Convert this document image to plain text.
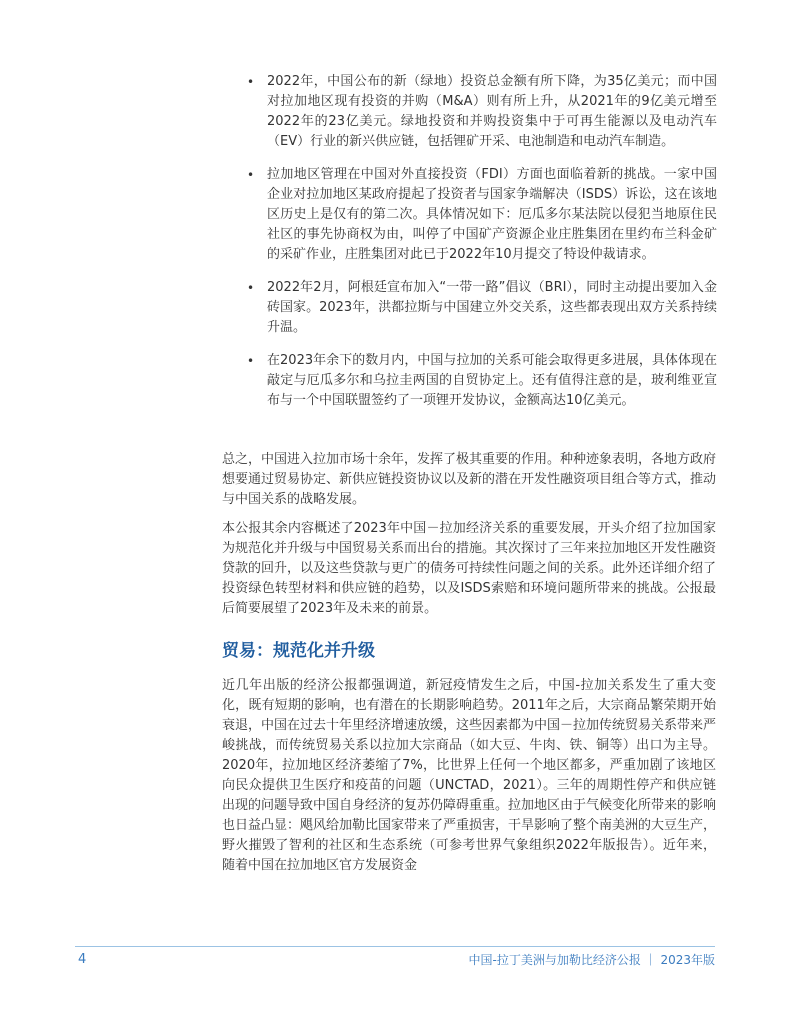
• 2022年，中国公布的新（绿地）投资总金额有所下降，为35亿美元；而中国对拉加地区现有投资的并购（M&A）则有所上升，从2021年的9亿美元增至2022年的23亿美元。绿地投资和并购投资集中于可再生能源以及电动汽车（EV）行业的新兴供应链，包括锂矿开采、电池制造和电动汽车制造。
• 拉加地区管理在中国对外直接投资（FDI）方面也面临着新的挑战。一家中国企业对拉加地区某政府提起了投资者与国家争端解决（ISDS）诉讼，这在该地区历史上是仅有的第二次。具体情况如下：厄瓜多尔某法院以侵犯当地原住民社区的事先协商权为由，叫停了中国矿产资源企业庄胜集团在里约布兰科金矿的采矿作业，庄胜集团对此已于2022年10月提交了特设仲裁请求。
• 2022年2月，阿根廷宣布加入“一带一路”倡议（BRI），同时主动提出要加入金砖国家。2023年，洪都拉斯与中国建立外交关系，这些都表现出双方关系持续升温。
• 在2023年余下的数月内，中国与拉加的关系可能会取得更多进展，具体体现在敲定与厄瓜多尔和乌拉圭两国的自贸协定上。还有值得注意的是，玻利维亚宣布与一个中国联盟签约了一项锂开发协议，金额高达10亿美元。

总之，中国进入拉加市场十余年，发挥了极其重要的作用。种种迹象表明，各地方政府想要通过贸易协定、新供应链投资协议以及新的潜在开发性融资项目组合等方式，推动与中国关系的战略发展。

本公报其余内容概述了2023年中国－拉加经济关系的重要发展，开头介绍了拉加国家为规范化并升级与中国贸易关系而出台的措施。其次探讨了三年来拉加地区开发性融资贷款的回升，以及这些贷款与更广的债务可持续性问题之间的关系。此外还详细介绍了投资绿色转型材料和供应链的趋势，以及ISDS索赔和环境问题所带来的挑战。公报最后简要展望了2023年及未来的前景。

贸易：规范化并升级

近几年出版的经济公报都强调道，新冠疫情发生之后，中国-拉加关系发生了重大变化，既有短期的影响，也有潜在的长期影响趋势。2011年之后，大宗商品繁荣期开始衰退，中国在过去十年里经济增速放缓，这些因素都为中国－拉加传统贸易关系带来严峻挑战，而传统贸易关系以拉加大宗商品（如大豆、牛肉、铁、铜等）出口为主导。2020年，拉加地区经济萎缩了7%，比世界上任何一个地区都多，严重加剧了该地区向民众提供卫生医疗和疫苗的问题（UNCTAD，2021）。三年的周期性停产和供应链出现的问题导致中国自身经济的复苏仍障碍重重。拉加地区由于气候变化所带来的影响也日益凸显：飓风给加勒比国家带来了严重损害，干旱影响了整个南美洲的大豆生产，野火摧毁了智利的社区和生态系统（可参考世界气象组织2022年版报告）。近年来，随着中国在拉加地区官方发展资金

4	中国-拉丁美洲与加勒比经济公报 ｜ 2023年版
